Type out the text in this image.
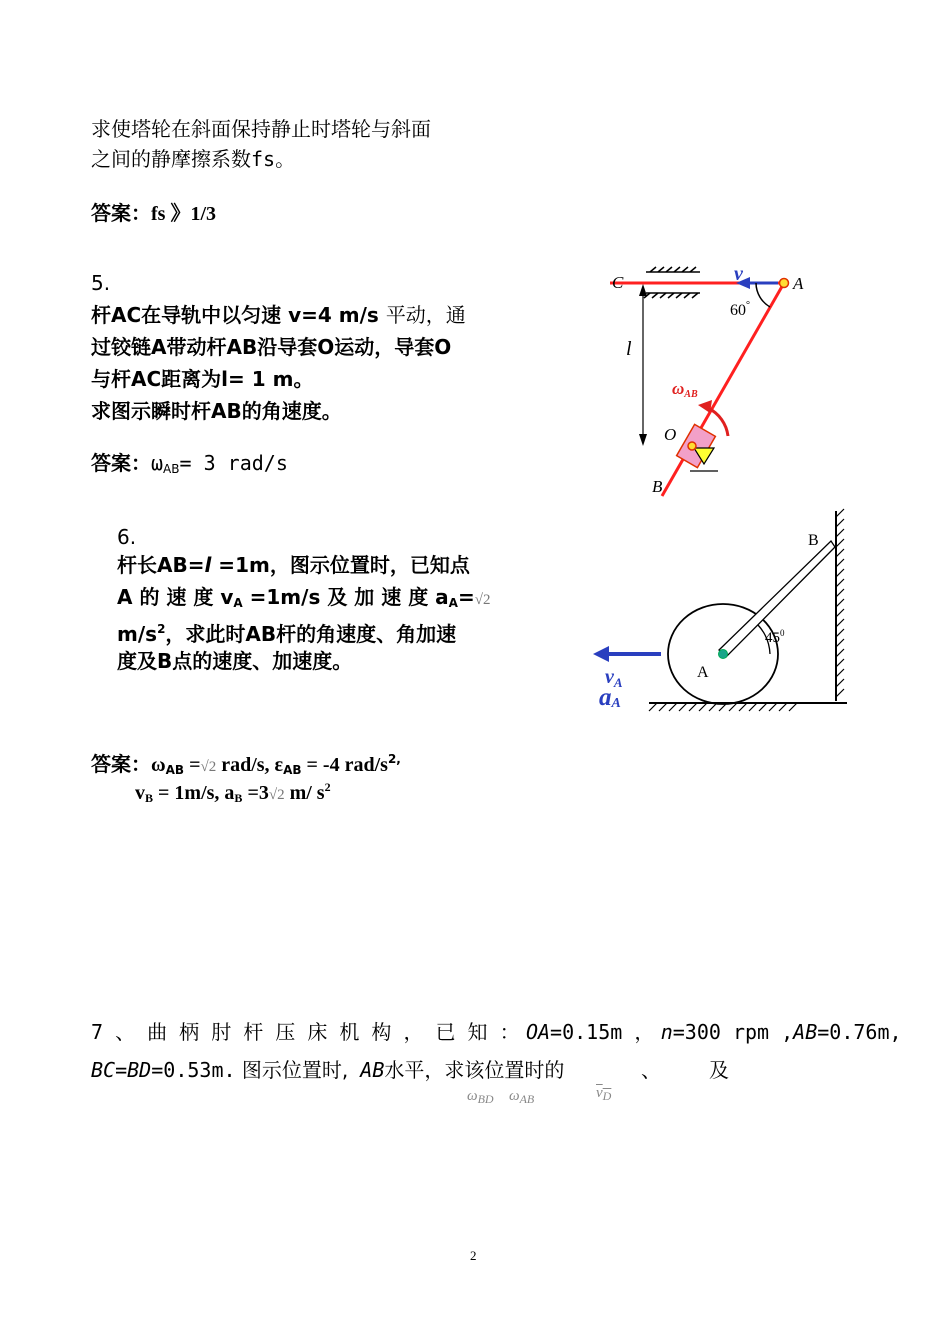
求使塔轮在斜面保持静止时塔轮与斜面
之间的静摩擦系数fs。
答案：fs 》1/3
5.
杆AC在导轨中以匀速 v=4 m/s 平动，通
过铰链A带动杆AB沿导套O运动，导套O
与杆AC距离为l= 1 m。
求图示瞬时杆AB的角速度。
答案：$\omega_{AB}= 3$ rad/s
l
v
60°
C	A
B
O
ωAB
6.
杆长AB=l =1m，图示位置时，已知点
A 的 速 度 $v_A =1m/s$ 及 加 速 度 $a_A=√2$
$m/s^2$，求此时AB杆的角速度、角加速
度及B点的速度、加速度。
答案：$\omega_{AB} =√2$ rad/s, $\varepsilon_{AB} = -4$ rad/$s^{2,}$
$v_B = 1m/s$, $a_B =3√2$ m/ $s^2$
$45^0$
B
A
$v_A$
aA
7 、 曲 柄 肘 杆 压 床 机 构 ， 已 知 ： OA=0.15m ， n=300 rpm ,AB=0.76m,
BC=BD=0.53m. 图示位置时, AB水平，求该位置时的	、 及
$\omega_{BD}$ $\omega_{AB}$	$v_D$
2
